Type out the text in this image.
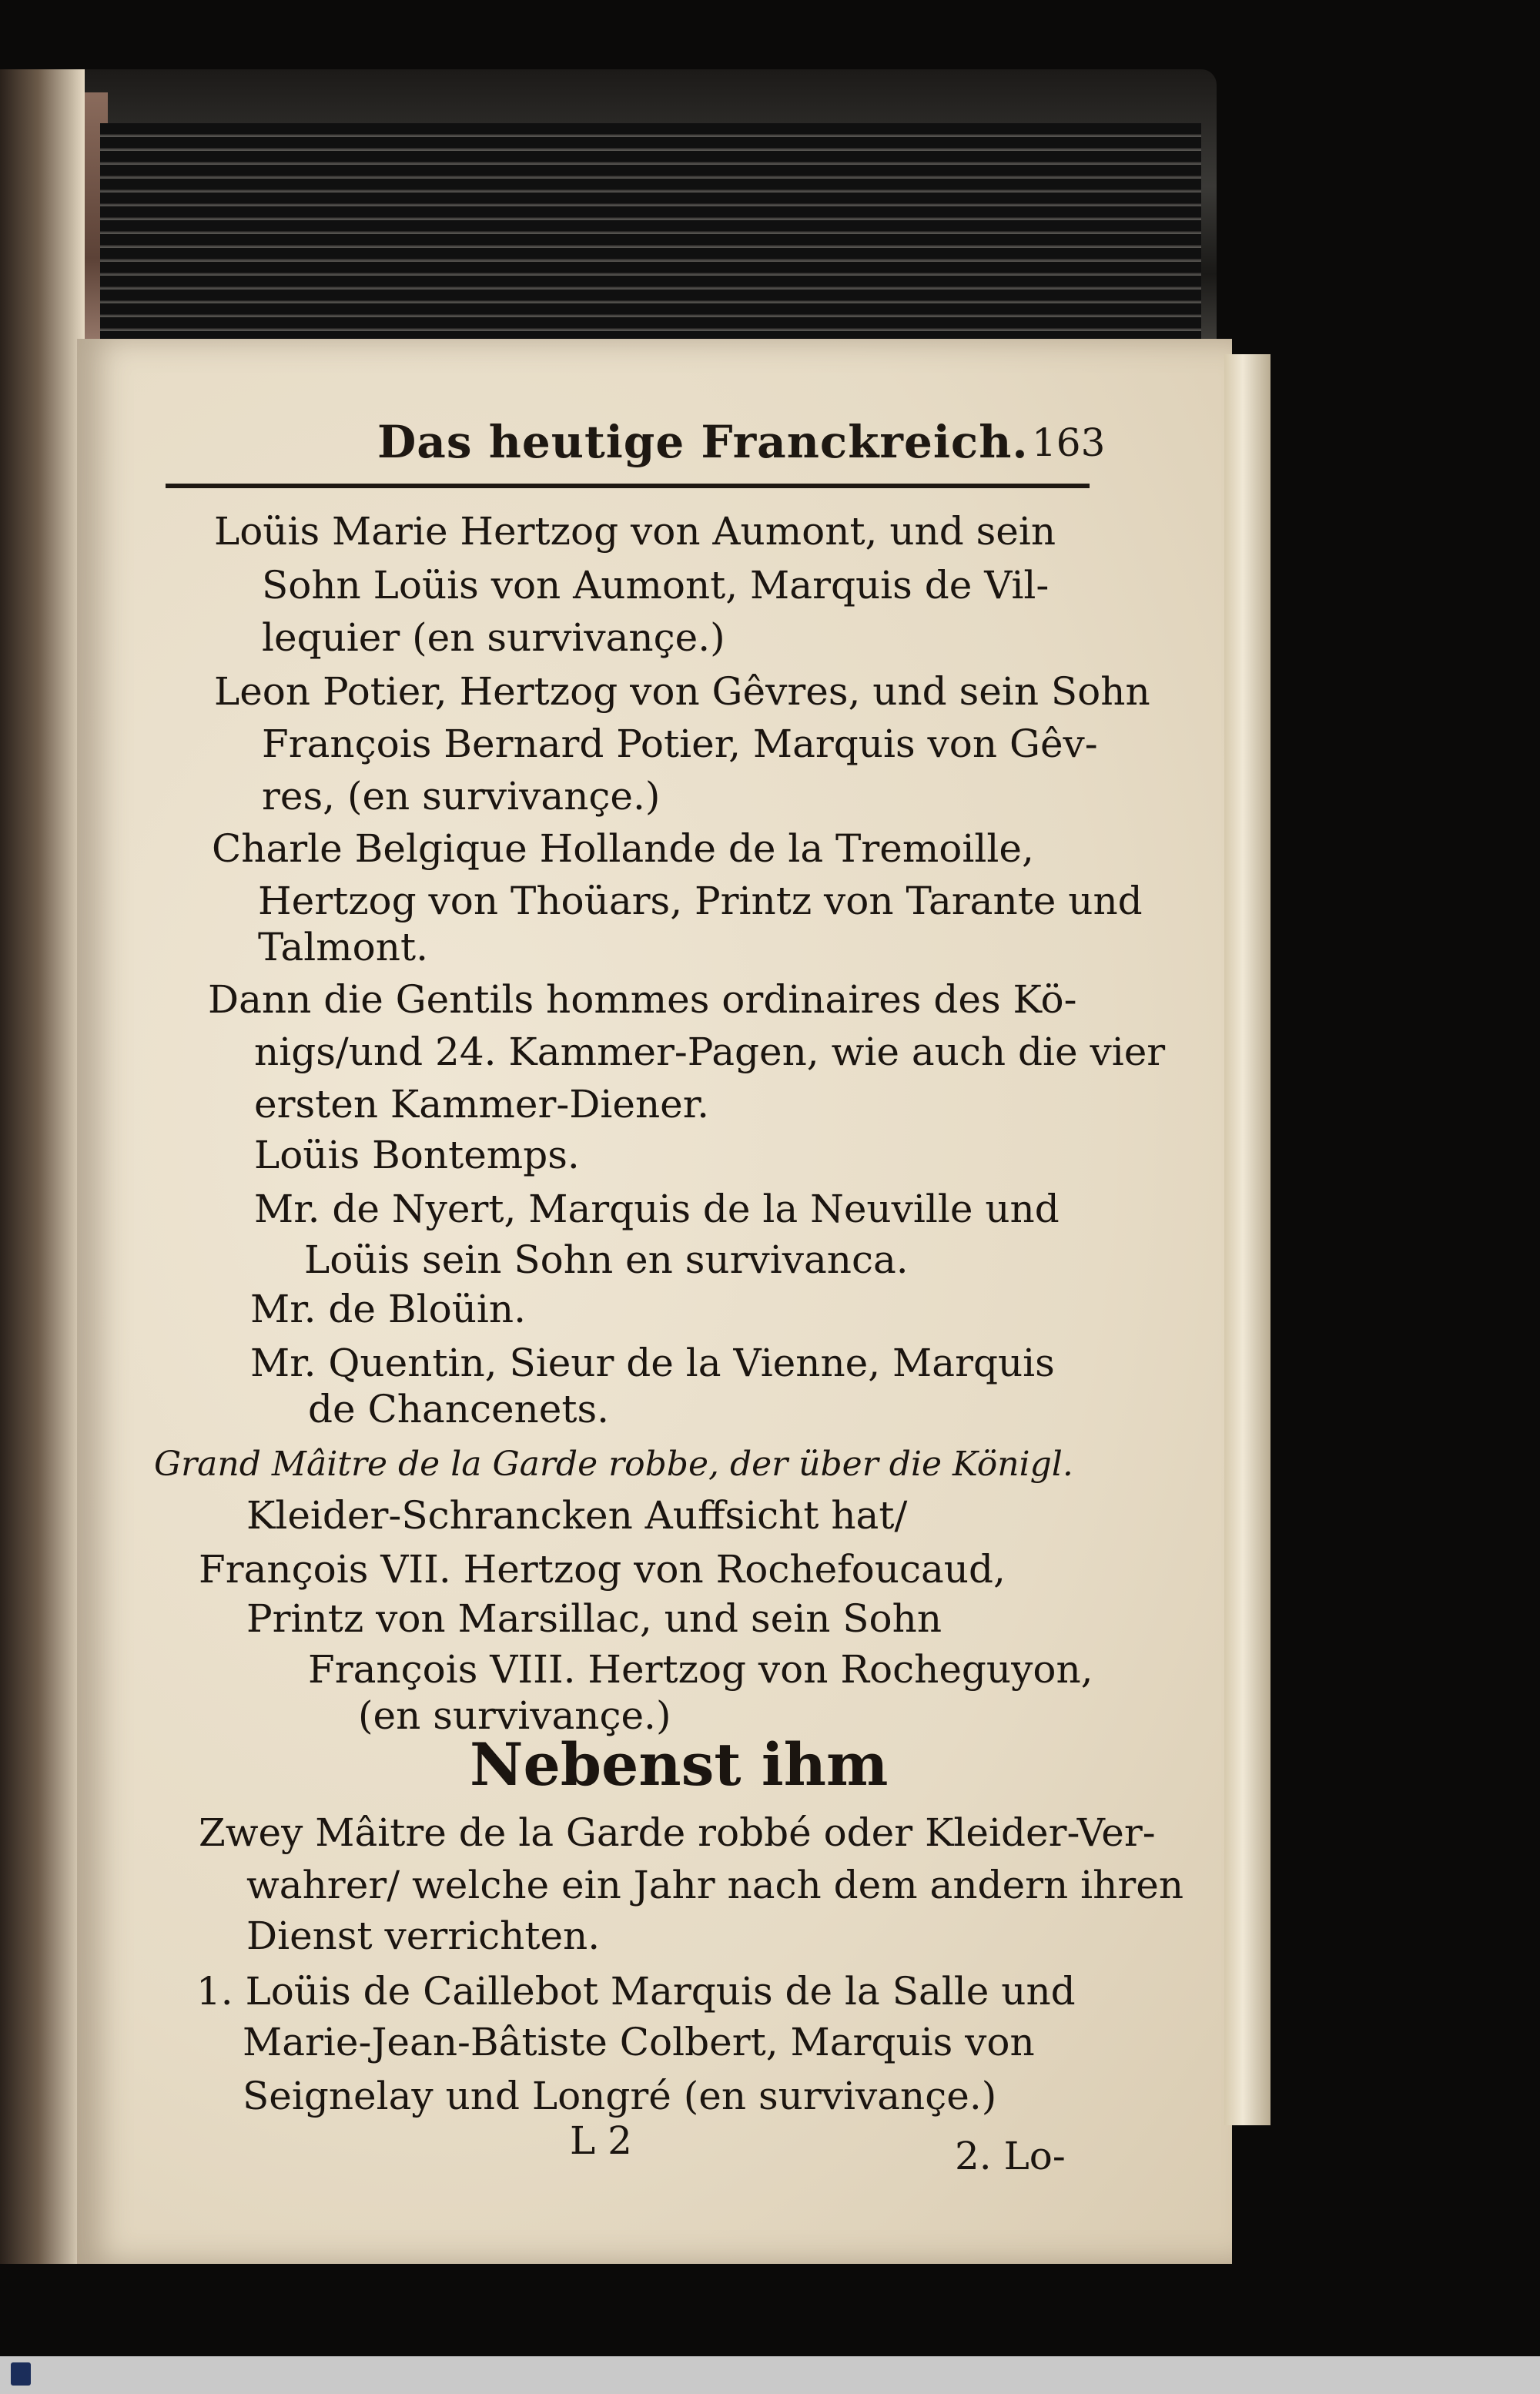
Das heutige Franckreich. 163
Loüis Marie Hertzog von Aumont, und sein
Sohn Loüis von Aumont, Marquis de Vil-
lequier (en survivançe.)
Leon Potier, Hertzog von Gêvres, und sein Sohn
François Bernard Potier, Marquis von Gêv-
res, (en survivançe.)
Charle Belgique Hollande de la Tremoille,
Hertzog von Thoüars, Printz von Tarante und
Talmont.
Dann die Gentils hommes ordinaires des Kö-
nigs/und 24. Kammer-Pagen, wie auch die vier
ersten Kammer-Diener.
Loüis Bontemps.
Mr. de Nyert, Marquis de la Neuville und
Loüis sein Sohn en survivanca.
Mr. de Bloüin.
Mr. Quentin, Sieur de la Vienne, Marquis
de Chancenets.
Grand Mâitre de la Garde robbe, der über die Königl.
Kleider-Schrancken Auffsicht hat/
François VII. Hertzog von Rochefoucaud,
Printz von Marsillac, und sein Sohn
François VIII. Hertzog von Rocheguyon,
(en survivançe.)
Nebenst ihm
Zwey Mâitre de la Garde robbé oder Kleider-Ver-
wahrer/ welche ein Jahr nach dem andern ihren
Dienst verrichten.
1. Loüis de Caillebot Marquis de la Salle und
Marie-Jean-Bâtiste Colbert, Marquis von
Seignelay und Longré (en survivançe.)
L 2	2. Lo-
